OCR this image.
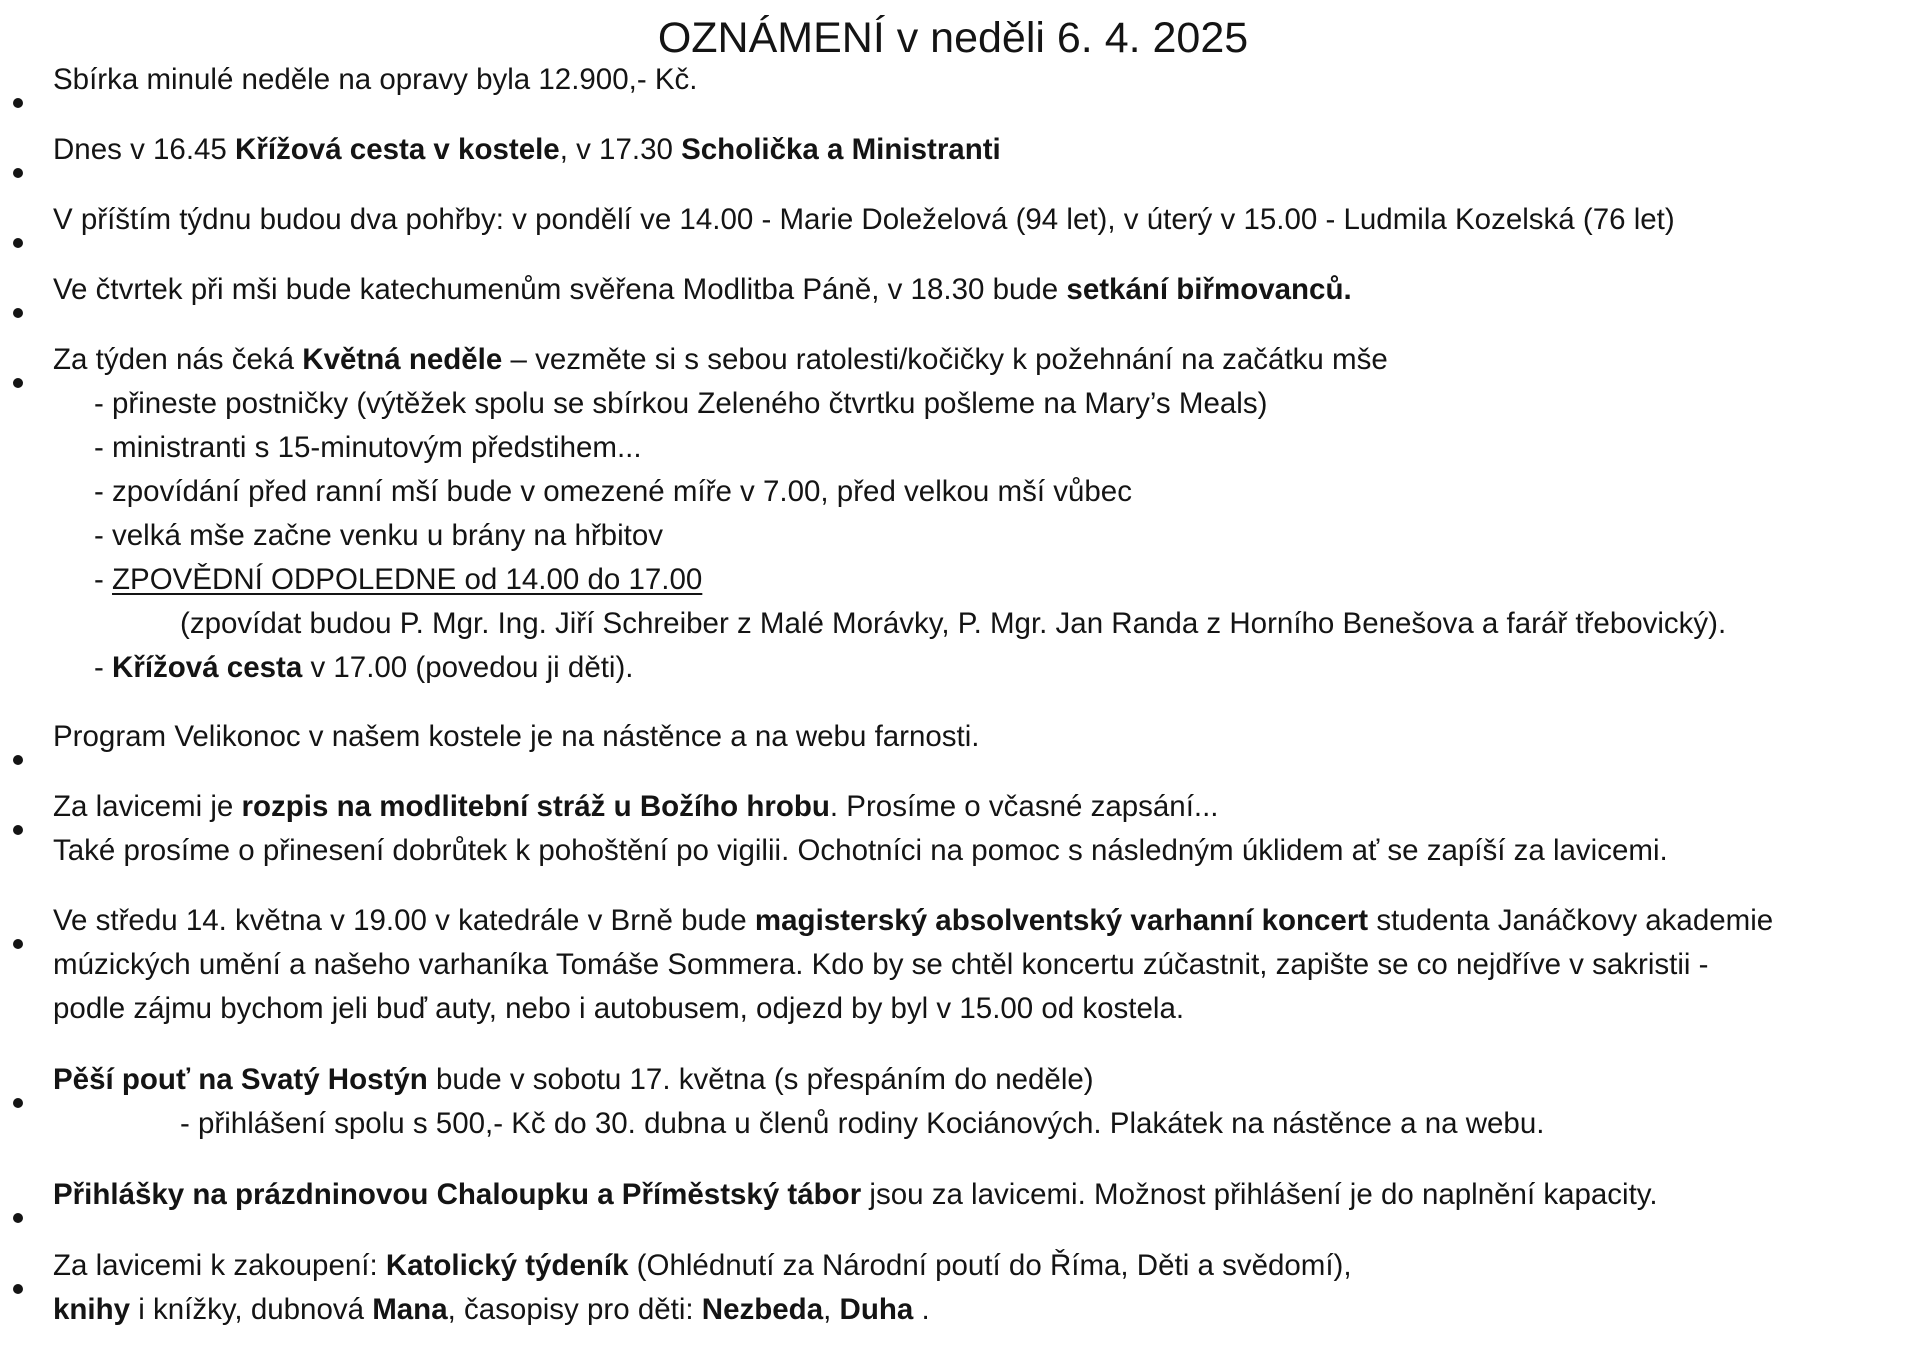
OZNÁMENÍ v neděli 6. 4. 2025
Sbírka minulé neděle na opravy byla 12.900,- Kč.
Dnes v 16.45 Křížová cesta v kostele, v 17.30 Scholička a Ministranti
V příštím týdnu budou dva pohřby: v pondělí ve 14.00 - Marie Doleželová (94 let), v úterý v 15.00 - Ludmila Kozelská (76 let)
Ve čtvrtek při mši bude katechumenům svěřena Modlitba Páně, v 18.30 bude setkání biřmovanců.
Za týden nás čeká Květná neděle – vezměte si s sebou ratolesti/kočičky k požehnání na začátku mše
- přineste postničky (výtěžek spolu se sbírkou Zeleného čtvrtku pošleme na Mary’s Meals)
- ministranti s 15-minutovým předstihem...
- zpovídání před ranní mší bude v omezené míře v 7.00, před velkou mší vůbec
- velká mše začne venku u brány na hřbitov
- ZPOVĚDNÍ ODPOLEDNE od 14.00 do 17.00
(zpovídat budou P. Mgr. Ing. Jiří Schreiber z Malé Morávky, P. Mgr. Jan Randa z Horního Benešova a farář třebovický).
- Křížová cesta v 17.00 (povedou ji děti).
Program Velikonoc v našem kostele je na nástěnce a na webu farnosti.
Za lavicemi je rozpis na modlitební stráž u Božího hrobu. Prosíme o včasné zapsání...
Také prosíme o přinesení dobrůtek k pohoštění po vigilii. Ochotníci na pomoc s následným úklidem ať se zapíší za lavicemi.
Ve středu 14. května v 19.00 v katedrále v Brně bude magisterský absolventský varhanní koncert studenta Janáčkovy akademie
múzických umění a našeho varhaníka Tomáše Sommera. Kdo by se chtěl koncertu zúčastnit, zapište se co nejdříve v sakristii -
podle zájmu bychom jeli buď auty, nebo i autobusem, odjezd by byl v 15.00 od kostela.
Pěší pouť na Svatý Hostýn bude v sobotu 17. května (s přespáním do neděle)
- přihlášení spolu s 500,- Kč do 30. dubna u členů rodiny Kociánových. Plakátek na nástěnce a na webu.
Přihlášky na prázdninovou Chaloupku a Příměstský tábor jsou za lavicemi. Možnost přihlášení je do naplnění kapacity.
Za lavicemi k zakoupení: Katolický týdeník (Ohlédnutí za Národní poutí do Říma, Děti a svědomí),
knihy i knížky, dubnová Mana, časopisy pro děti: Nezbeda, Duha .
